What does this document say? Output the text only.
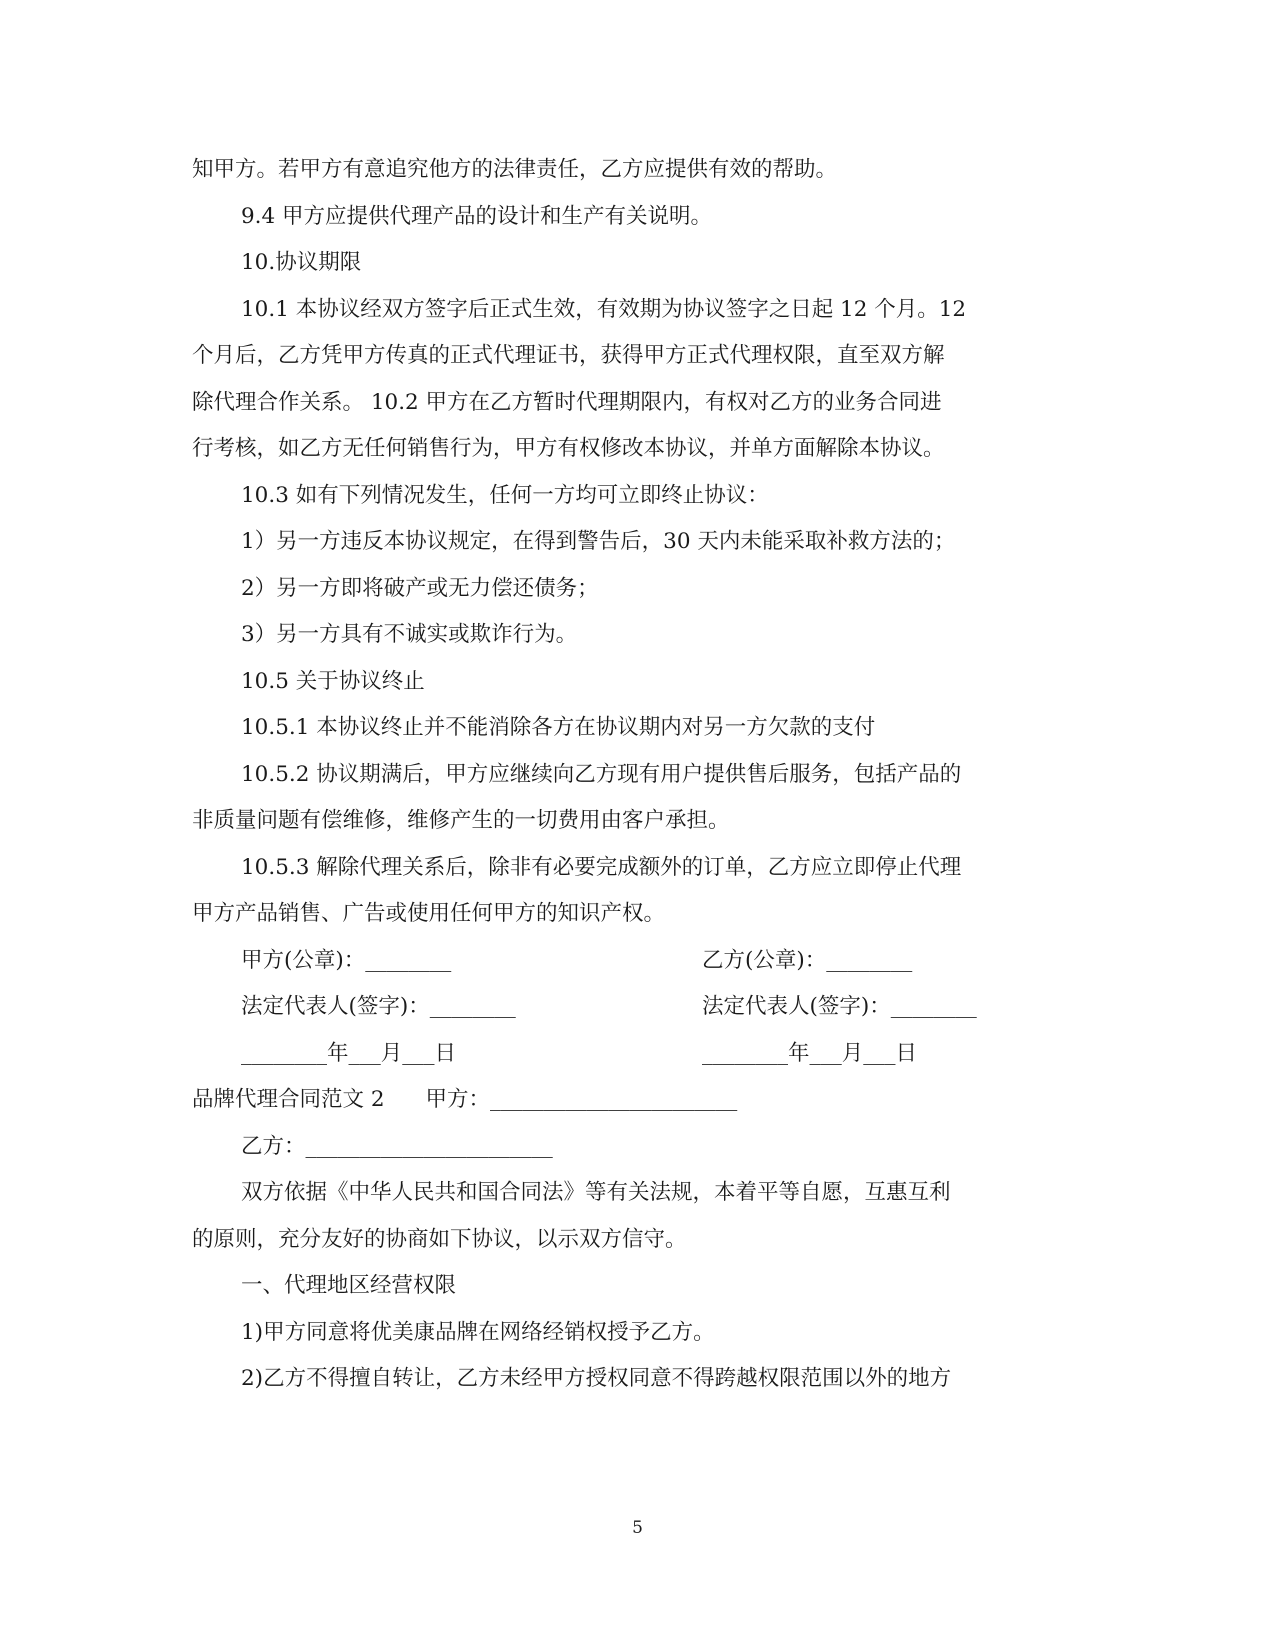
知甲方。若甲方有意追究他方的法律责任，乙方应提供有效的帮助。
9.4 甲方应提供代理产品的设计和生产有关说明。
10.协议期限
10.1 本协议经双方签字后正式生效，有效期为协议签字之日起 12 个月。12
个月后，乙方凭甲方传真的正式代理证书，获得甲方正式代理权限，直至双方解
除代理合作关系。 10.2 甲方在乙方暂时代理期限内，有权对乙方的业务合同进
行考核，如乙方无任何销售行为，甲方有权修改本协议，并单方面解除本协议。
10.3 如有下列情况发生，任何一方均可立即终止协议：
1）另一方违反本协议规定，在得到警告后，30 天内未能采取补救方法的；
2）另一方即将破产或无力偿还债务；
3）另一方具有不诚实或欺诈行为。
10.5 关于协议终止
10.5.1 本协议终止并不能消除各方在协议期内对另一方欠款的支付
10.5.2 协议期满后，甲方应继续向乙方现有用户提供售后服务，包括产品的
非质量问题有偿维修，维修产生的一切费用由客户承担。
10.5.3 解除代理关系后，除非有必要完成额外的订单，乙方应立即停止代理
甲方产品销售、广告或使用任何甲方的知识产权。
甲方(公章)：________	乙方(公章)：________
法定代表人(签字)：________	法定代表人(签字)：________
________年___月___日	________年___月___日
品牌代理合同范文 2      甲方：_______________________
乙方：_______________________
双方依据《中华人民共和国合同法》等有关法规，本着平等自愿，互惠互利
的原则，充分友好的协商如下协议，以示双方信守。
一、代理地区经营权限
1)甲方同意将优美康品牌在网络经销权授予乙方。
2)乙方不得擅自转让，乙方未经甲方授权同意不得跨越权限范围以外的地方
5
